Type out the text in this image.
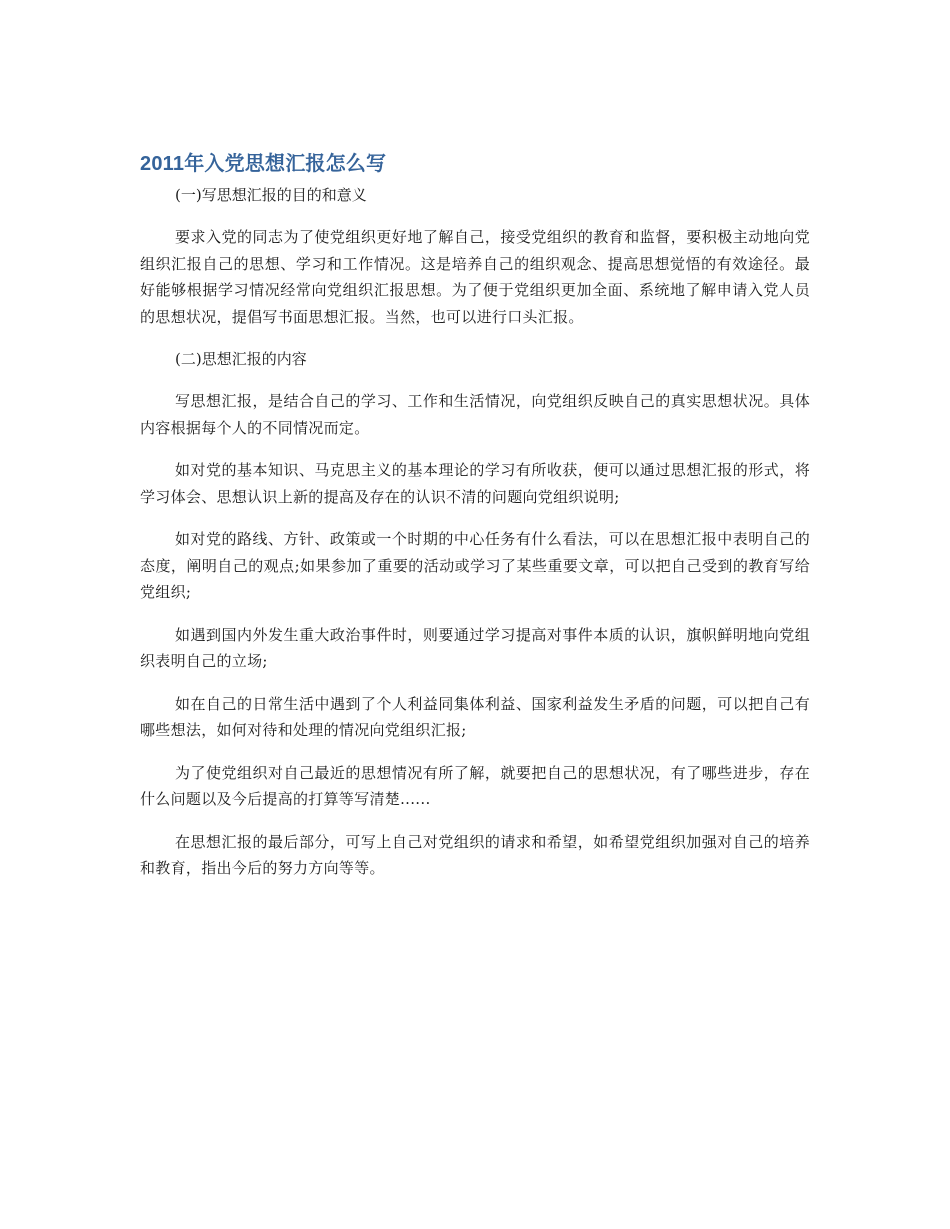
2011年入党思想汇报怎么写

(一)写思想汇报的目的和意义

要求入党的同志为了使党组织更好地了解自己，接受党组织的教育和监督，要积极主动地向党组织汇报自己的思想、学习和工作情况。这是培养自己的组织观念、提高思想觉悟的有效途径。最好能够根据学习情况经常向党组织汇报思想。为了便于党组织更加全面、系统地了解申请入党人员的思想状况，提倡写书面思想汇报。当然，也可以进行口头汇报。

(二)思想汇报的内容

写思想汇报，是结合自己的学习、工作和生活情况，向党组织反映自己的真实思想状况。具体内容根据每个人的不同情况而定。

如对党的基本知识、马克思主义的基本理论的学习有所收获，便可以通过思想汇报的形式，将学习体会、思想认识上新的提高及存在的认识不清的问题向党组织说明;

如对党的路线、方针、政策或一个时期的中心任务有什么看法，可以在思想汇报中表明自己的态度，阐明自己的观点;如果参加了重要的活动或学习了某些重要文章，可以把自己受到的教育写给党组织;

如遇到国内外发生重大政治事件时，则要通过学习提高对事件本质的认识，旗帜鲜明地向党组织表明自己的立场;

如在自己的日常生活中遇到了个人利益同集体利益、国家利益发生矛盾的问题，可以把自己有哪些想法，如何对待和处理的情况向党组织汇报;

为了使党组织对自己最近的思想情况有所了解，就要把自己的思想状况，有了哪些进步，存在什么问题以及今后提高的打算等写清楚......

在思想汇报的最后部分，可写上自己对党组织的请求和希望，如希望党组织加强对自己的培养和教育，指出今后的努力方向等等。
